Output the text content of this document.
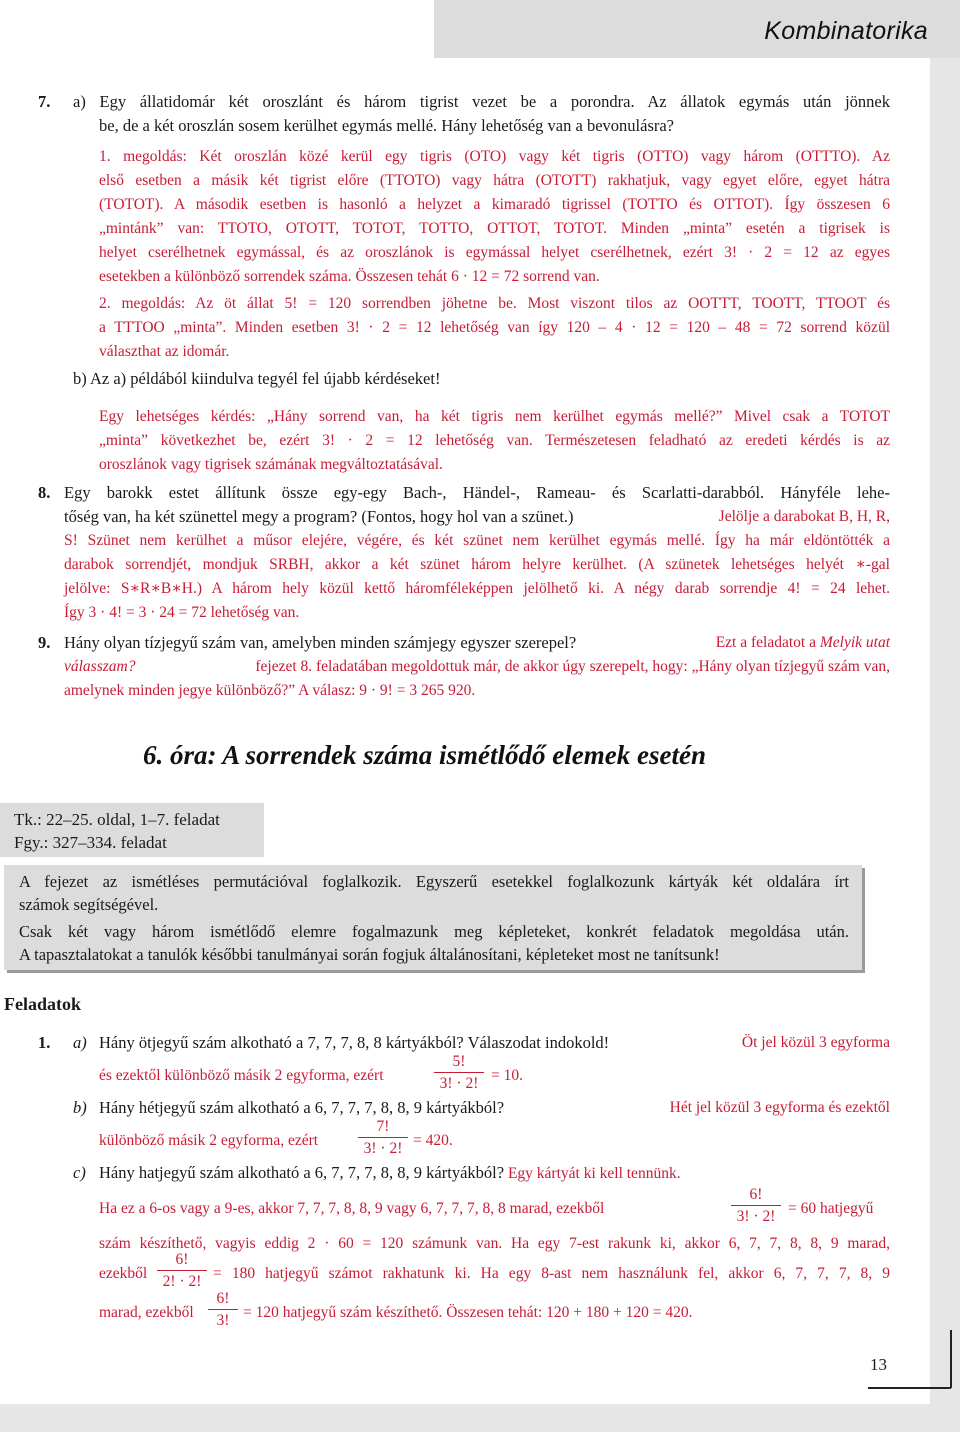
Kombinatorika
13
7. a) Egy állatidomár két oroszlánt és három tigrist vezet be a porondra. Az állatok egymás után jönnek
be, de a két oroszlán sosem kerülhet egymás mellé. Hány lehetőség van a bevonulásra?
1. megoldás: Két oroszlán közé kerül egy tigris (OTO) vagy két tigris (OTTO) vagy három (OTTTO). Az
első esetben a másik két tigrist előre (TTOTO) vagy hátra (OTOTT) rakhatjuk, vagy egyet előre, egyet hátra
(TOTOT). A második esetben is hasonló a helyzet a kimaradó tigrissel (TOTTO és OTTOT). Így összesen 6
„mintánk” van: TTOTO, OTOTT, TOTOT, TOTTO, OTTOT, TOTOT. Minden „minta” esetén a tigrisek is
helyet cserélhetnek egymással, és az oroszlánok is egymással helyet cserélhetnek, ezért 3! · 2 = 12 az egyes
esetekben a különböző sorrendek száma. Összesen tehát 6 · 12 = 72 sorrend van.
2. megoldás: Az öt állat 5! = 120 sorrendben jöhetne be. Most viszont tilos az OOTTT, TOOTT, TTOOT és
a TTTOO „minta”. Minden esetben 3! · 2 = 12 lehetőség van így 120 – 4 · 12 = 120 – 48 = 72 sorrend közül
választhat az idomár.
b) Az a) példából kiindulva tegyél fel újabb kérdéseket!
Egy lehetséges kérdés: „Hány sorrend van, ha két tigris nem kerülhet egymás mellé?” Mivel csak a TOTOT
„minta” következhet be, ezért 3! · 2 = 12 lehetőség van. Természetesen feladható az eredeti kérdés is az
oroszlánok vagy tigrisek számának megváltoztatásával.
8. Egy barokk estet állítunk össze egy-egy Bach-, Händel-, Rameau- és Scarlatti-darabból. Hányféle lehe-
tőség van, ha két szünettel megy a program? (Fontos, hogy hol van a szünet.)	Jelölje a darabokat B, H, R,
S! Szünet nem kerülhet a műsor elejére, végére, és két szünet nem kerülhet egymás mellé. Így ha már eldöntötték a
darabok sorrendjét, mondjuk SRBH, akkor a két szünet három helyre kerülhet. (A szünetek lehetséges helyét ∗-gal
jelölve: S∗R∗B∗H.) A három hely közül kettő háromféleképpen jelölhető ki. A négy darab sorrendje 4! = 24 lehet.
Így 3 · 4! = 3 · 24 = 72 lehetőség van.
9. Hány olyan tízjegyű szám van, amelyben minden számjegy egyszer szerepel?	Ezt a feladatot a Melyik utat
válasszam?	fejezet 8. feladatában megoldottuk már, de akkor úgy szerepelt, hogy: „Hány olyan tízjegyű szám van,
amelynek minden jegye különböző?” A válasz: 9 · 9! = 3 265 920.
6. óra: A sorrendek száma ismétlődő elemek esetén
Tk.: 22–25. oldal, 1–7. feladat
Fgy.: 327–334. feladat
A fejezet az ismétléses permutációval foglalkozik. Egyszerű esetekkel foglalkozunk kártyák két oldalára írt
számok segítségével.
Csak két vagy három ismétlődő elemre fogalmazunk meg képleteket, konkrét feladatok megoldása után.
A tapasztalatokat a tanulók későbbi tanulmányai során fogjuk általánosítani, képleteket most ne tanítsunk!
Feladatok
1. a) Hány ötjegyű szám alkotható a 7, 7, 7, 8, 8 kártyákból? Válaszodat indokold!	Öt jel közül 3 egyforma
és ezektől különböző másik 2 egyforma, ezért
5!
3! · 2! = 10.
b) Hány hétjegyű szám alkotható a 6, 7, 7, 7, 8, 8, 9 kártyákból?	Hét jel közül 3 egyforma és ezektől
különböző másik 2 egyforma, ezért
7!
3! · 2! = 420.
c) Hány hatjegyű szám alkotható a 6, 7, 7, 7, 8, 8, 9 kártyákból? Egy kártyát ki kell tennünk.
Ha ez a 6-os vagy a 9-es, akkor 7, 7, 7, 8, 8, 9 vagy 6, 7, 7, 7, 8, 8 marad, ezekből
6!
3! · 2! = 60 hatjegyű
szám készíthető, vagyis eddig 2 · 60 = 120 számunk van. Ha egy 7-est rakunk ki, akkor 6, 7, 7, 8, 8, 9 marad,
ezekből
6!
2! · 2! = 180 hatjegyű számot rakhatunk ki. Ha egy 8-ast nem használunk fel, akkor 6, 7, 7, 7, 8, 9
marad, ezekből
6!
3! = 120 hatjegyű szám készíthető. Összesen tehát: 120 + 180 + 120 = 420.
